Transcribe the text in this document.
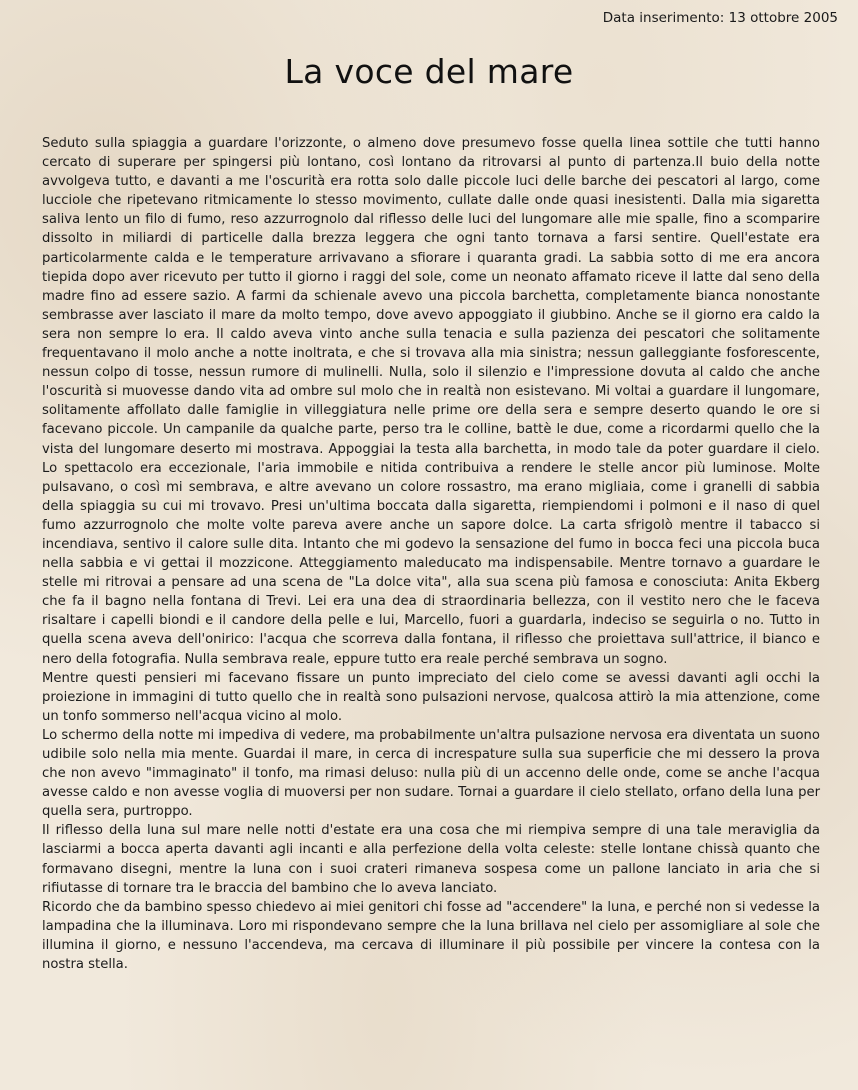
Data inserimento: 13 ottobre 2005
La voce del mare

Seduto sulla spiaggia a guardare l'orizzonte, o almeno dove presumevo fosse quella linea sottile che tutti hanno cercato di superare per spingersi più lontano, così lontano da ritrovarsi al punto di partenza.Il buio della notte avvolgeva tutto, e davanti a me l'oscurità era rotta solo dalle piccole luci delle barche dei pescatori al largo, come lucciole che ripetevano ritmicamente lo stesso movimento, cullate dalle onde quasi inesistenti. Dalla mia sigaretta saliva lento un filo di fumo, reso azzurrognolo dal riflesso delle luci del lungomare alle mie spalle, fino a scomparire dissolto in miliardi di particelle dalla brezza leggera che ogni tanto tornava a farsi sentire. Quell'estate era particolarmente calda e le temperature arrivavano a sfiorare i quaranta gradi. La sabbia sotto di me era ancora tiepida dopo aver ricevuto per tutto il giorno i raggi del sole, come un neonato affamato riceve il latte dal seno della madre fino ad essere sazio. A farmi da schienale avevo una piccola barchetta, completamente bianca nonostante sembrasse aver lasciato il mare da molto tempo, dove avevo appoggiato il giubbino. Anche se il giorno era caldo la sera non sempre lo era. Il caldo aveva vinto anche sulla tenacia e sulla pazienza dei pescatori che solitamente frequentavano il molo anche a notte inoltrata, e che si trovava alla mia sinistra; nessun galleggiante fosforescente, nessun colpo di tosse, nessun rumore di mulinelli. Nulla, solo il silenzio e l'impressione dovuta al caldo che anche l'oscurità si muovesse dando vita ad ombre sul molo che in realtà non esistevano. Mi voltai a guardare il lungomare, solitamente affollato dalle famiglie in villeggiatura nelle prime ore della sera e sempre deserto quando le ore si facevano piccole. Un campanile da qualche parte, perso tra le colline, battè le due, come a ricordarmi quello che la vista del lungomare deserto mi mostrava. Appoggiai la testa alla barchetta, in modo tale da poter guardare il cielo. Lo spettacolo era eccezionale, l'aria immobile e nitida contribuiva a rendere le stelle ancor più luminose. Molte pulsavano, o così mi sembrava, e altre avevano un colore rossastro, ma erano migliaia, come i granelli di sabbia della spiaggia su cui mi trovavo. Presi un'ultima boccata dalla sigaretta, riempiendomi i polmoni e il naso di quel fumo azzurrognolo che molte volte pareva avere anche un sapore dolce. La carta sfrigolò mentre il tabacco si incendiava, sentivo il calore sulle dita. Intanto che mi godevo la sensazione del fumo in bocca feci una piccola buca nella sabbia e vi gettai il mozzicone. Atteggiamento maleducato ma indispensabile. Mentre tornavo a guardare le stelle mi ritrovai a pensare ad una scena de "La dolce vita", alla sua scena più famosa e conosciuta: Anita Ekberg che fa il bagno nella fontana di Trevi. Lei era una dea di straordinaria bellezza, con il vestito nero che le faceva risaltare i capelli biondi e il candore della pelle e lui, Marcello, fuori a guardarla, indeciso se seguirla o no. Tutto in quella scena aveva dell'onirico: l'acqua che scorreva dalla fontana, il riflesso che proiettava sull'attrice, il bianco e nero della fotografia. Nulla sembrava reale, eppure tutto era reale perché sembrava un sogno.

Mentre questi pensieri mi facevano fissare un punto impreciato del cielo come se avessi davanti agli occhi la proiezione in immagini di tutto quello che in realtà sono pulsazioni nervose, qualcosa attirò la mia attenzione, come un tonfo sommerso nell'acqua vicino al molo.

Lo schermo della notte mi impediva di vedere, ma probabilmente un'altra pulsazione nervosa era diventata un suono udibile solo nella mia mente. Guardai il mare, in cerca di increspature sulla sua superficie che mi dessero la prova che non avevo "immaginato" il tonfo, ma rimasi deluso: nulla più di un accenno delle onde, come se anche l'acqua avesse caldo e non avesse voglia di muoversi per non sudare. Tornai a guardare il cielo stellato, orfano della luna per quella sera, purtroppo.

Il riflesso della luna sul mare nelle notti d'estate era una cosa che mi riempiva sempre di una tale meraviglia da lasciarmi a bocca aperta davanti agli incanti e alla perfezione della volta celeste: stelle lontane chissà quanto che formavano disegni, mentre la luna con i suoi crateri rimaneva sospesa come un pallone lanciato in aria che si rifiutasse di tornare tra le braccia del bambino che lo aveva lanciato.

Ricordo che da bambino spesso chiedevo ai miei genitori chi fosse ad "accendere" la luna, e perché non si vedesse la lampadina che la illuminava. Loro mi rispondevano sempre che la luna brillava nel cielo per assomigliare al sole che illumina il giorno, e nessuno l'accendeva, ma cercava di illuminare il più possibile per vincere la contesa con la nostra stella.
